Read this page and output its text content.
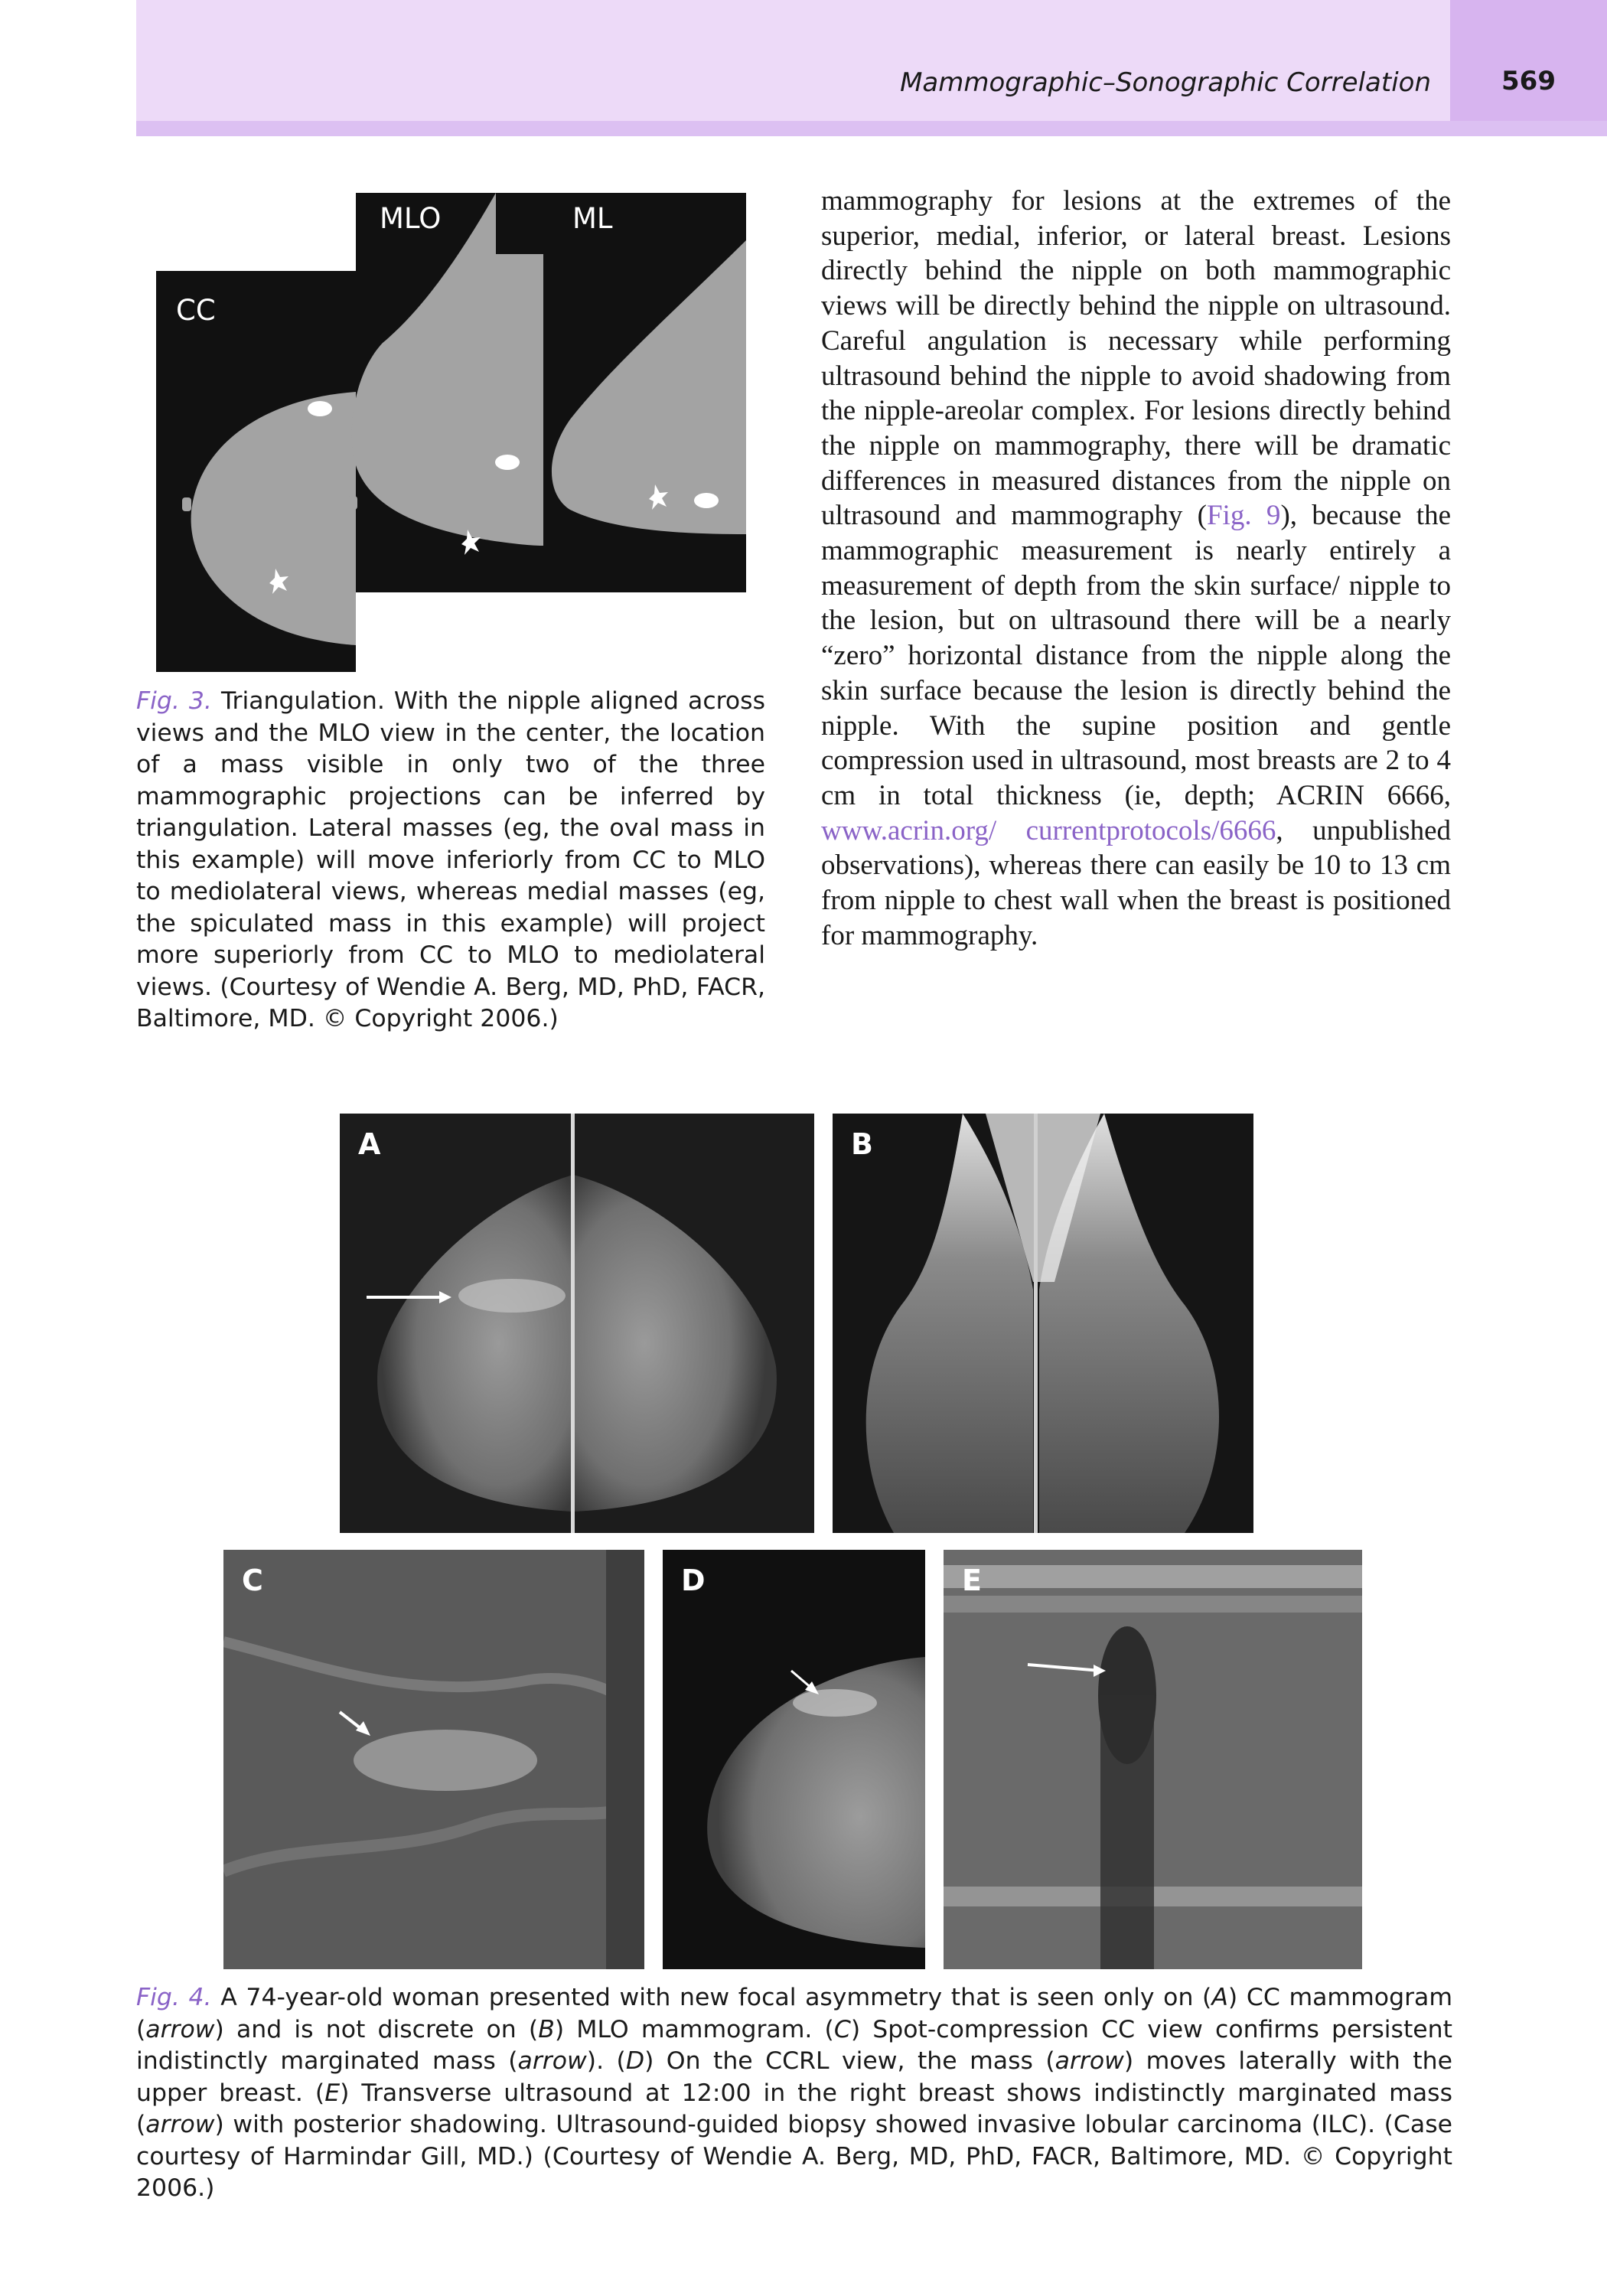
Mammographic–Sonographic Correlation	569
CC
MLO	ML
Fig. 3. Triangulation. With the nipple aligned across views and the MLO view in the center, the location of a mass visible in only two of the three mammographic projections can be inferred by triangulation. Lateral masses (eg, the oval mass in this example) will move inferiorly from CC to MLO to mediolateral views, whereas medial masses (eg, the spiculated mass in this example) will project more superiorly from CC to MLO to mediolateral views. (Courtesy of Wendie A. Berg, MD, PhD, FACR, Baltimore, MD. © Copyright 2006.)
mammography for lesions at the extremes of the superior, medial, inferior, or lateral breast. Lesions directly behind the nipple on both mammographic views will be directly behind the nipple on ultrasound. Careful angulation is necessary while performing ultrasound behind the nipple to avoid shadowing from the nipple-areolar complex. For lesions directly behind the nipple on mammography, there will be dramatic differences in measured distances from the nipple on ultrasound and mammography (Fig. 9), because the mammographic measurement is nearly entirely a measurement of depth from the skin surface/ nipple to the lesion, but on ultrasound there will be a nearly “zero” horizontal distance from the nipple along the skin surface because the lesion is directly behind the nipple. With the supine position and gentle compression used in ultrasound, most breasts are 2 to 4 cm in total thickness (ie, depth; ACRIN 6666, www.acrin.org/ currentprotocols/6666, unpublished observations), whereas there can easily be 10 to 13 cm from nipple to chest wall when the breast is positioned for mammography.
A	B
C	D	E
Fig. 4. A 74-year-old woman presented with new focal asymmetry that is seen only on (A) CC mammogram (arrow) and is not discrete on (B) MLO mammogram. (C) Spot-compression CC view confirms persistent indistinctly marginated mass (arrow). (D) On the CCRL view, the mass (arrow) moves laterally with the upper breast. (E) Transverse ultrasound at 12:00 in the right breast shows indistinctly marginated mass (arrow) with posterior shadowing. Ultrasound-guided biopsy showed invasive lobular carcinoma (ILC). (Case courtesy of Harmindar Gill, MD.) (Courtesy of Wendie A. Berg, MD, PhD, FACR, Baltimore, MD. © Copyright 2006.)
